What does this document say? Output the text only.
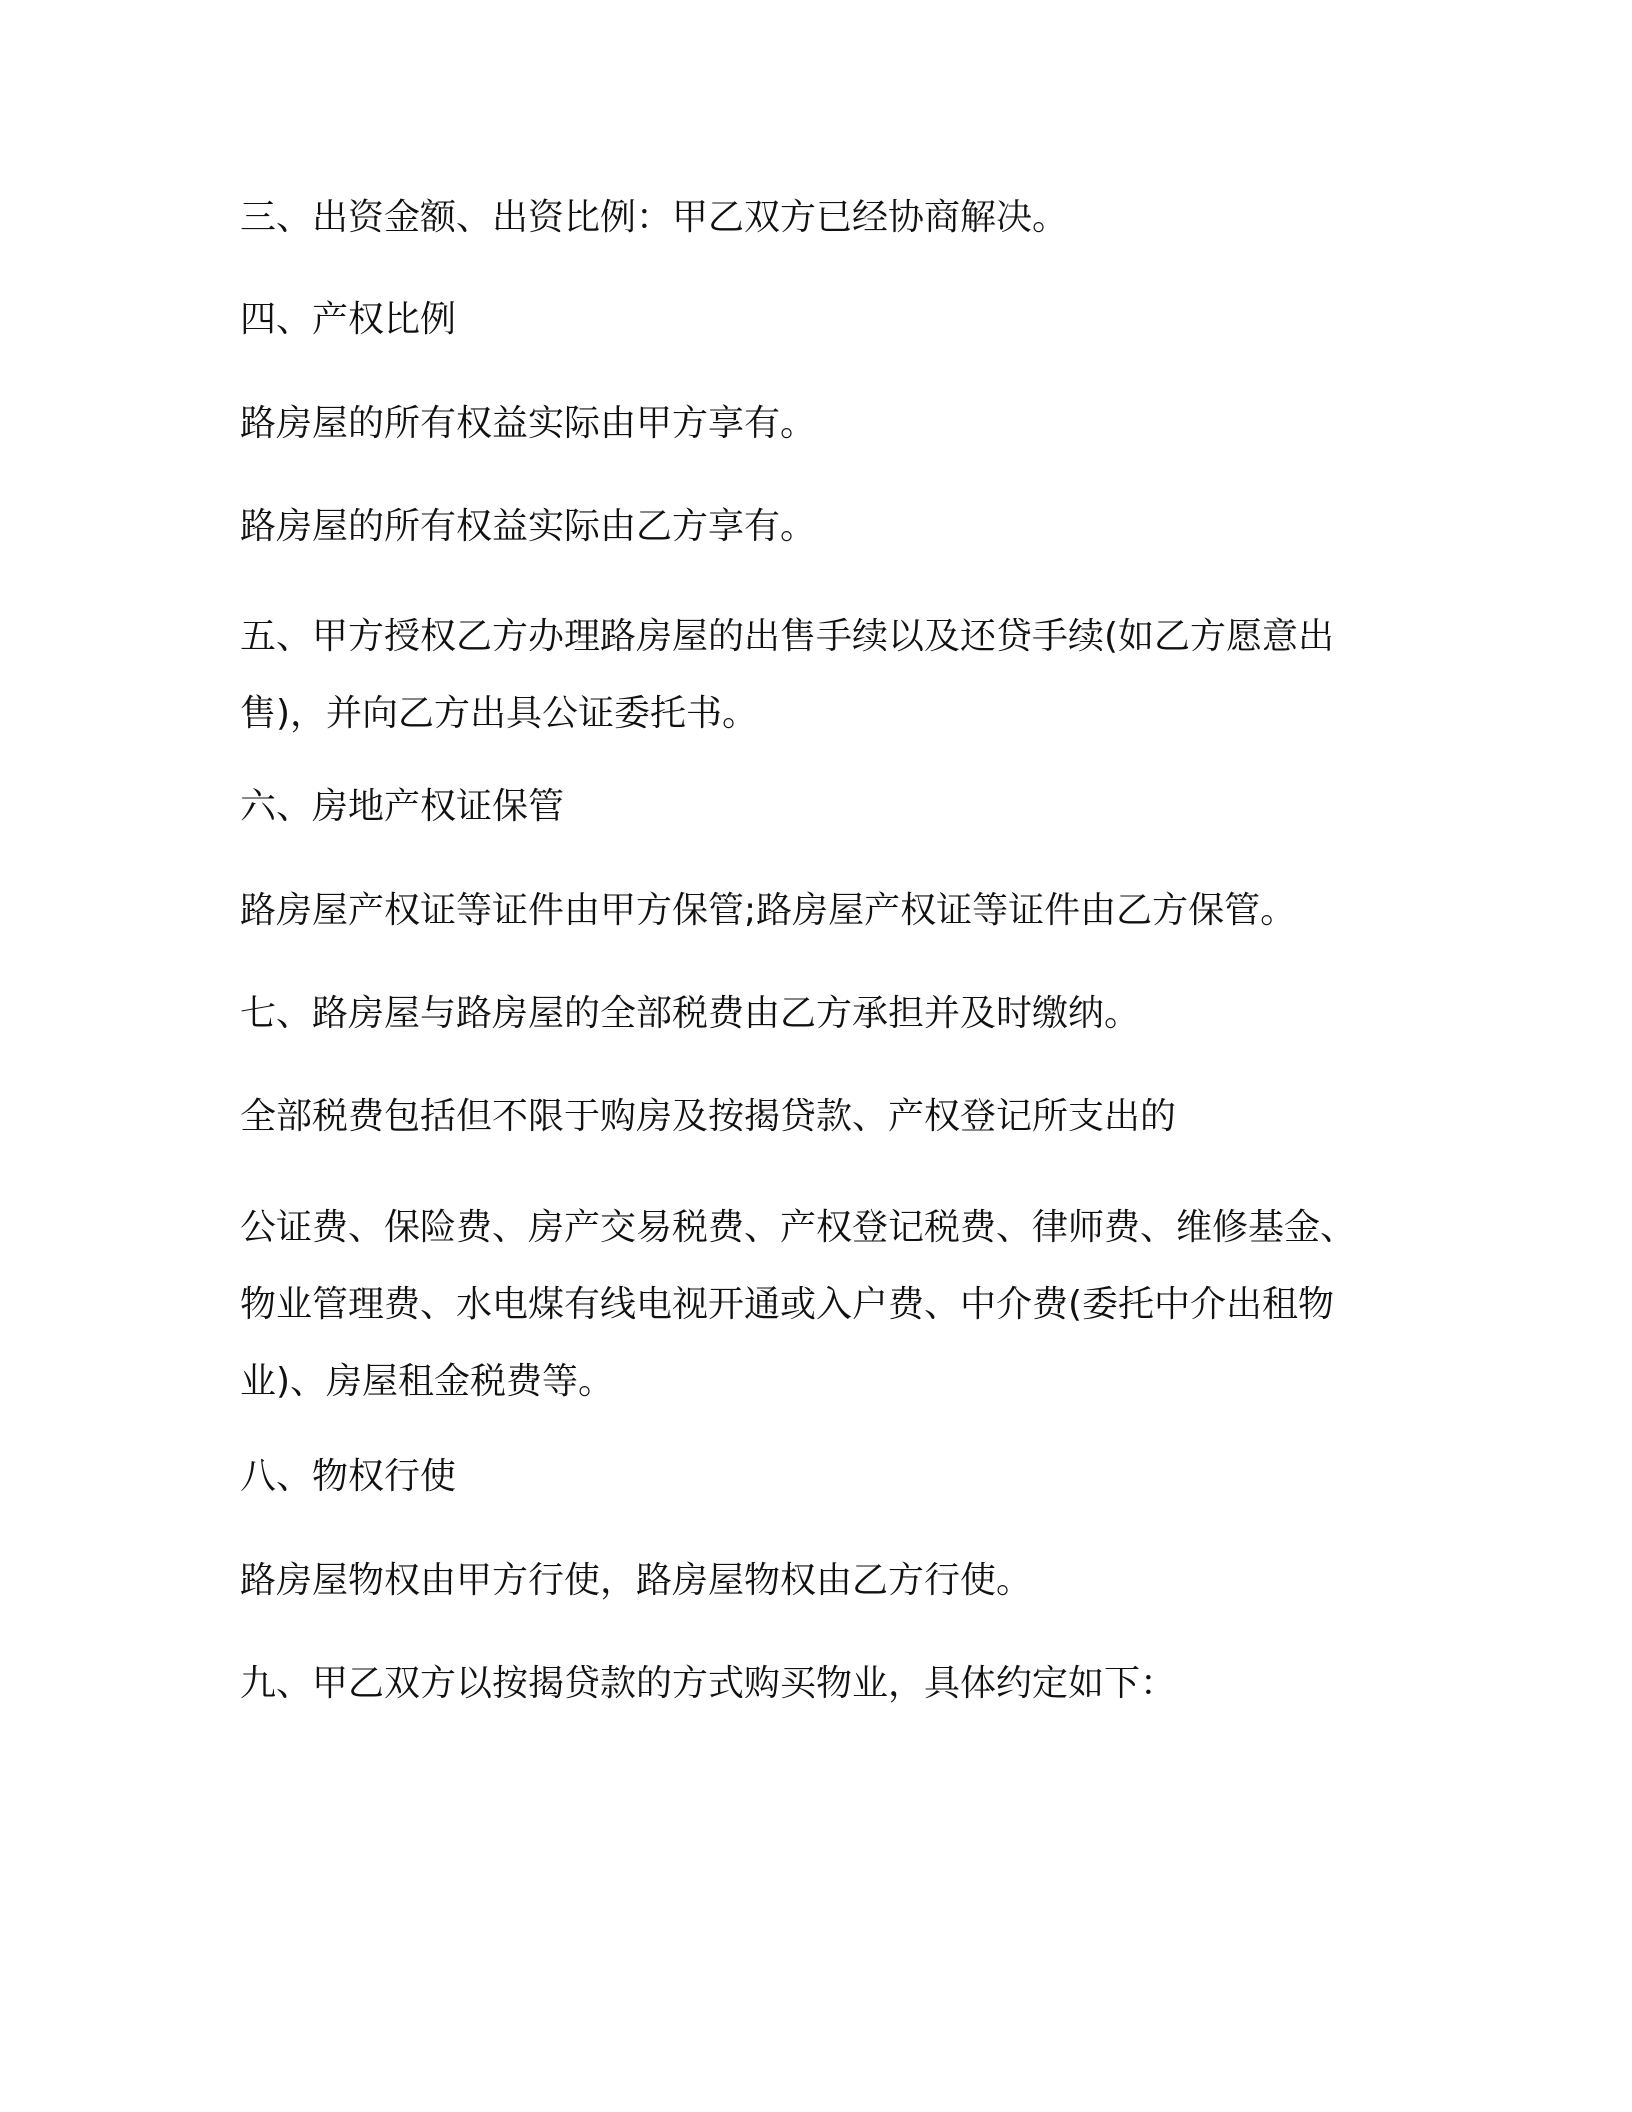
三、出资金额、出资比例：甲乙双方已经协商解决。

四、产权比例

路房屋的所有权益实际由甲方享有。

路房屋的所有权益实际由乙方享有。

五、甲方授权乙方办理路房屋的出售手续以及还贷手续(如乙方愿意出售)，并向乙方出具公证委托书。

六、房地产权证保管

路房屋产权证等证件由甲方保管;路房屋产权证等证件由乙方保管。

七、路房屋与路房屋的全部税费由乙方承担并及时缴纳。

全部税费包括但不限于购房及按揭贷款、产权登记所支出的

公证费、保险费、房产交易税费、产权登记税费、律师费、维修基金、物业管理费、水电煤有线电视开通或入户费、中介费(委托中介出租物业)、房屋租金税费等。

八、物权行使

路房屋物权由甲方行使，路房屋物权由乙方行使。

九、甲乙双方以按揭贷款的方式购买物业，具体约定如下：
